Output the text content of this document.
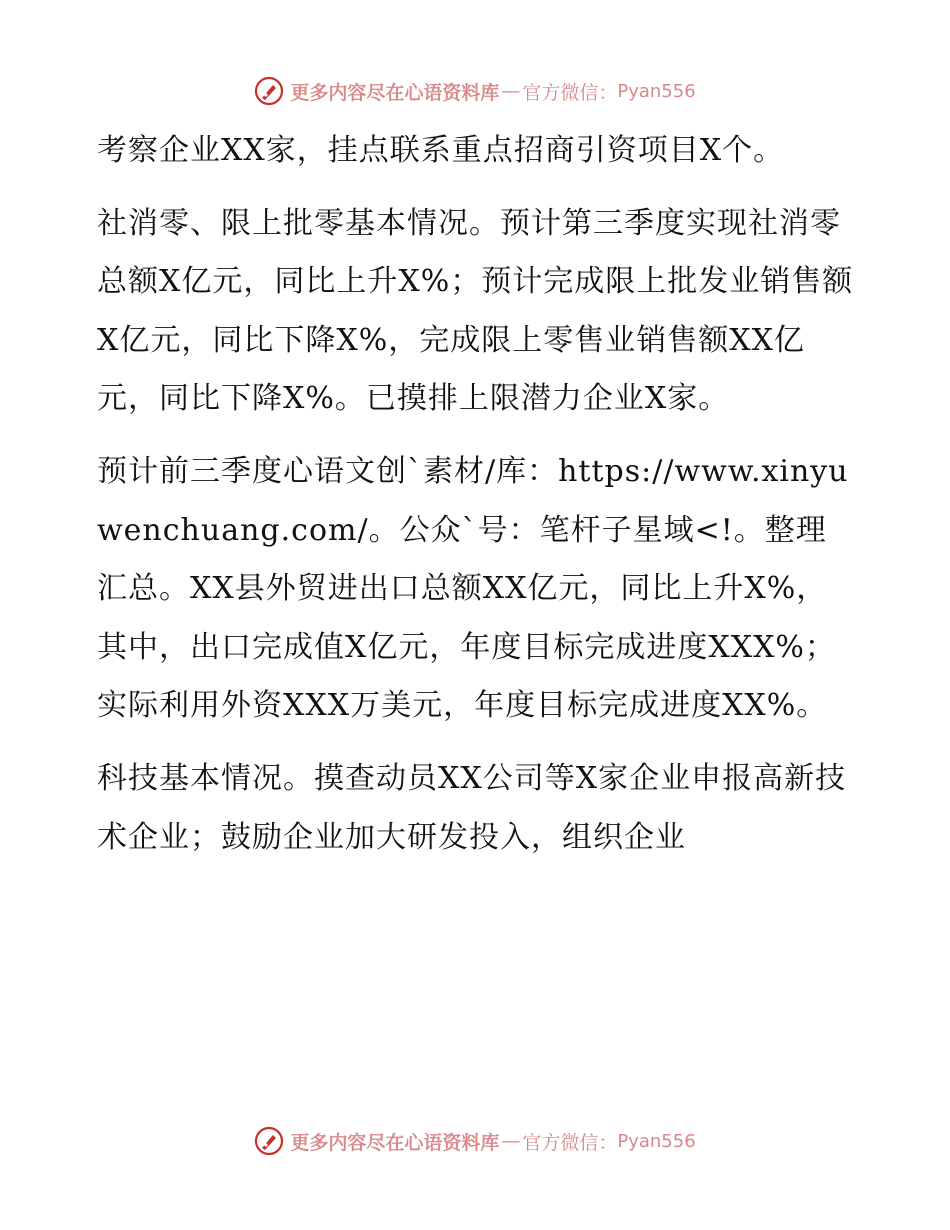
更多内容尽在心语资料库 — 官方微信： Pyan556

考察企业XX家，挂点联系重点招商引资项目X个。

社消零、限上批零基本情况。预计第三季度实现社消零总额X亿元，同比上升X%；预计完成限上批发业销售额X亿元，同比下降X%，完成限上零售业销售额XX亿元，同比下降X%。已摸排上限潜力企业X家。

预计前三季度心语文创`素材/库：https://www.xinyuwenchuang.com/。公众`号：笔杆子星域<!。整理汇总。XX县外贸进出口总额XX亿元，同比上升X%，其中，出口完成值X亿元，年度目标完成进度XXX%；实际利用外资XXX万美元，年度目标完成进度XX%。

科技基本情况。摸查动员XX公司等X家企业申报高新技术企业；鼓励企业加大研发投入，组织企业

更多内容尽在心语资料库 — 官方微信： Pyan556
